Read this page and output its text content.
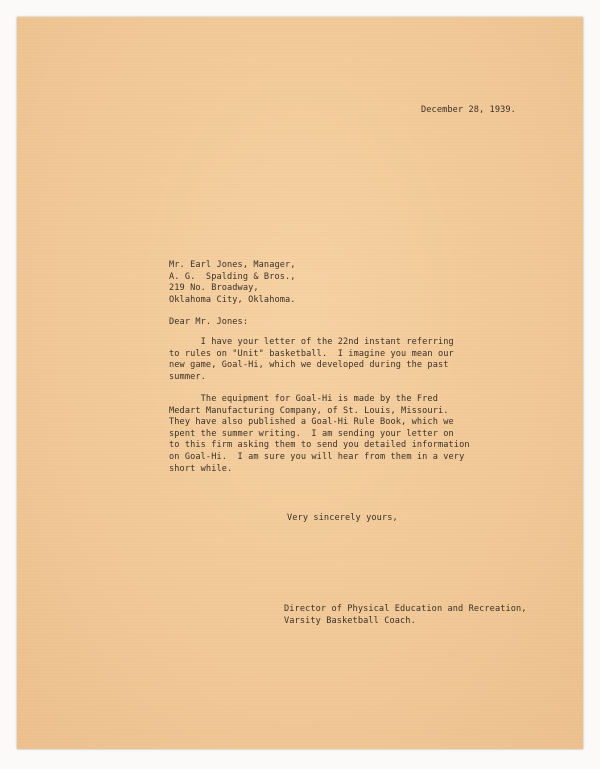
December 28, 1939.

Mr. Earl Jones, Manager,
A. G.  Spalding & Bros.,
219 No. Broadway,
Oklahoma City, Oklahoma.

Dear Mr. Jones:

I have your letter of the 22nd instant referring
to rules on "Unit" basketball.  I imagine you mean our
new game, Goal-Hi, which we developed during the past
summer.
The equipment for Goal-Hi is made by the Fred
Medart Manufacturing Company, of St. Louis, Missouri.
They have also published a Goal-Hi Rule Book, which we
spent the summer writing.  I am sending your letter on
to this firm asking them to send you detailed information
on Goal-Hi.  I am sure you will hear from them in a very
short while.

Very sincerely yours,

Director of Physical Education and Recreation,
Varsity Basketball Coach.
